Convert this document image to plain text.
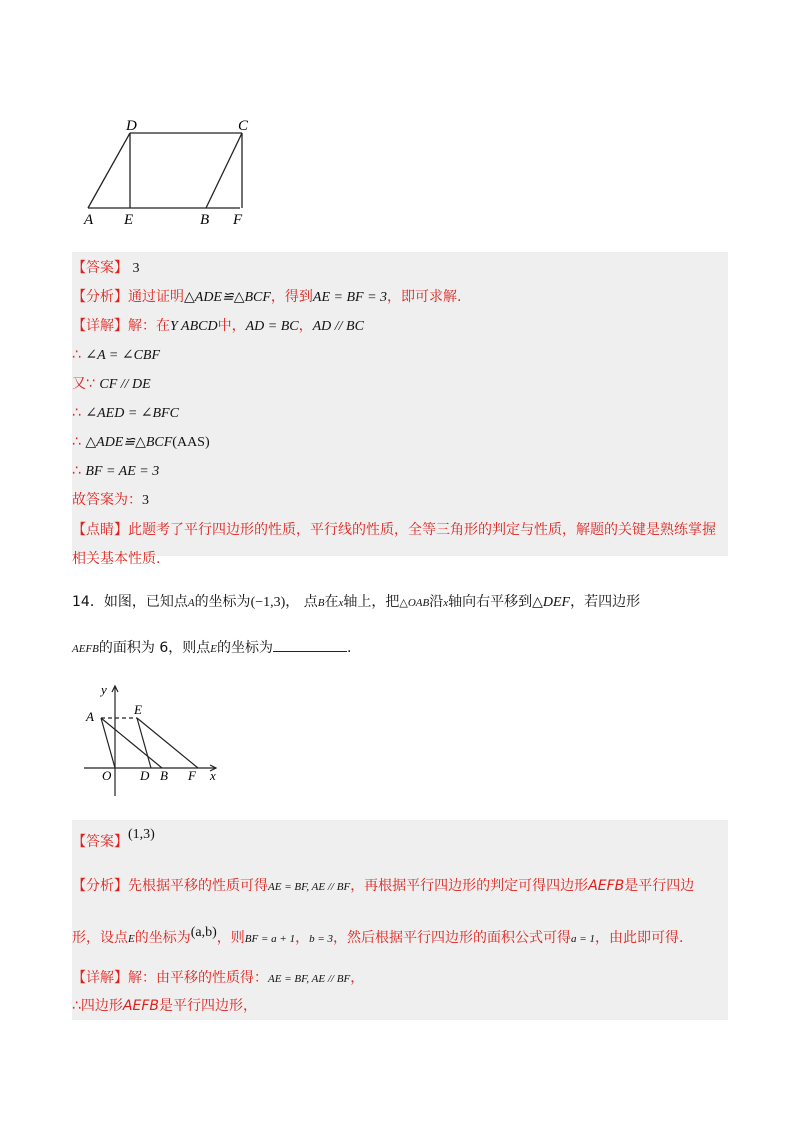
D	C
A E	B F
【答案】 3
【分析】通过证明△ADE≌△BCF，得到AE = BF = 3，即可求解.
【详解】解：在Y ABCD中，AD = BC，AD // BC
∴ ∠A = ∠CBF
又∵ CF // DE
∴ ∠AED = ∠BFC
∴ △ADE≌△BCF(AAS)
∴ BF = AE = 3
故答案为：3
【点睛】此题考了平行四边形的性质，平行线的性质，全等三角形的判定与性质，解题的关键是熟练掌握
相关基本性质.
14．如图，已知点A的坐标为(−1,3)， 点B在x轴上，把△OAB沿x轴向右平移到△DEF，若四边形
AEFB的面积为 6，则点E的坐标为	.
y
A	E
O D B F x
【答案】(1,3)
【分析】先根据平移的性质可得AE = BF, AE // BF，再根据平行四边形的判定可得四边形AEFB是平行四边
形，设点E的坐标为(a,b)，则BF = a + 1，b = 3，然后根据平行四边形的面积公式可得a = 1，由此即可得.
【详解】解：由平移的性质得：AE = BF, AE // BF，
∴四边形AEFB是平行四边形，
